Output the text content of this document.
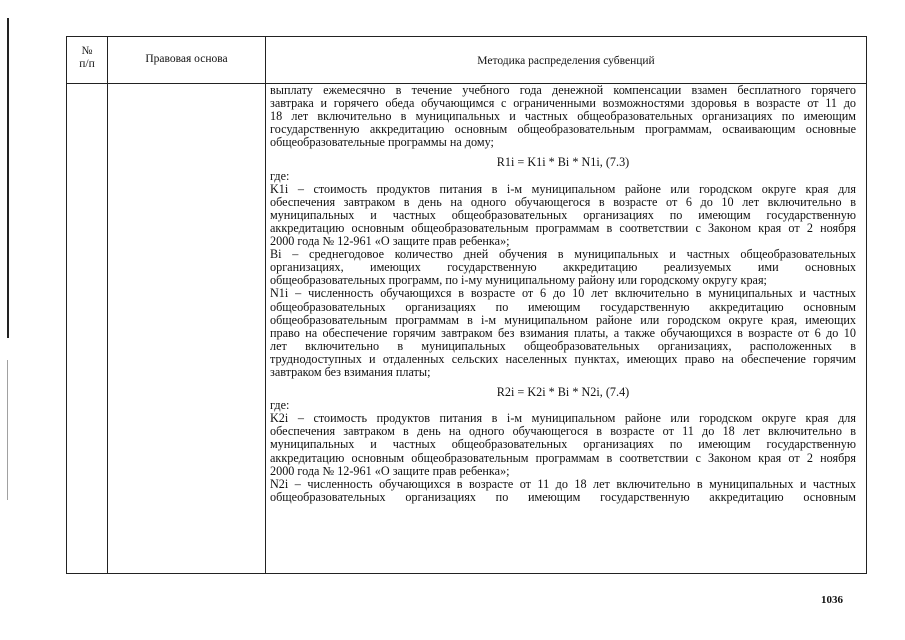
№
п/п	Правовая основа	Методика распределения субвенций

выплату ежемесячно в течение учебного года денежной компенсации взамен бесплатного горячего
завтрака и горячего обеда обучающимся с ограниченными возможностями здоровья в возрасте от 11 до
18 лет включительно в муниципальных и частных общеобразовательных организациях по имеющим
государственную аккредитацию основным общеобразовательным программам, осваивающим основные
общеобразовательные программы на дому;

R1i = K1i * Bi * N1i, (7.3)

где:

K1i – стоимость продуктов питания в i-м муниципальном районе или городском округе края для
обеспечения завтраком в день на одного обучающегося в возрасте от 6 до 10 лет включительно в
муниципальных и частных общеобразовательных организациях по имеющим государственную
аккредитацию основным общеобразовательным программам в соответствии с Законом края от 2 ноября
2000 года № 12-961 «О защите прав ребенка»;

Bi – среднегодовое количество дней обучения в муниципальных и частных общеобразовательных
организациях, имеющих государственную аккредитацию реализуемых ими основных
общеобразовательных программ, по i-му муниципальному району или городскому округу края;

N1i – численность обучающихся в возрасте от 6 до 10 лет включительно в муниципальных и частных
общеобразовательных организациях по имеющим государственную аккредитацию основным
общеобразовательным программам в i-м муниципальном районе или городском округе края, имеющих
право на обеспечение горячим завтраком без взимания платы, а также обучающихся в возрасте от 6 до 10
лет включительно в муниципальных общеобразовательных организациях, расположенных в
труднодоступных и отдаленных сельских населенных пунктах, имеющих право на обеспечение горячим
завтраком без взимания платы;

R2i = K2i * Bi * N2i, (7.4)

где:

K2i – стоимость продуктов питания в i-м муниципальном районе или городском округе края для
обеспечения завтраком в день на одного обучающегося в возрасте от 11 до 18 лет включительно в
муниципальных и частных общеобразовательных организациях по имеющим государственную
аккредитацию основным общеобразовательным программам в соответствии с Законом края от 2 ноября
2000 года № 12-961 «О защите прав ребенка»;

N2i – численность обучающихся в возрасте от 11 до 18 лет включительно в муниципальных и частных
общеобразовательных организациях по имеющим государственную аккредитацию основным

1036
